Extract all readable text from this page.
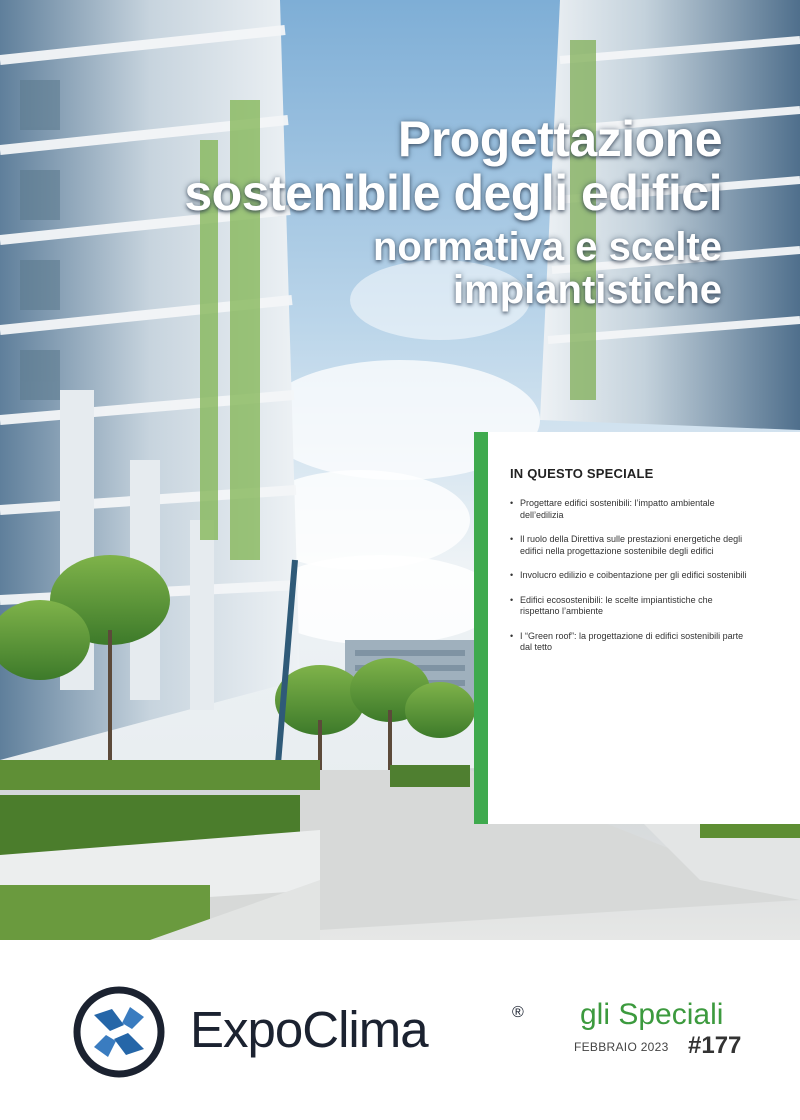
Progettazione
sostenibile degli edifici
normativa e scelte
impiantistiche
IN QUESTO SPECIALE
• Progettare edifici sostenibili: l’impatto ambientale dell’edilizia
• Il ruolo della Direttiva sulle prestazioni energetiche degli edifici nella progettazione sostenibile degli edifici
• Involucro edilizio e coibentazione per gli edifici sostenibili
• Edifici ecosostenibili: le scelte impiantistiche che rispettano l’ambiente
• I “Green roof”: la progettazione di edifici sostenibili parte dal tetto
ExpoClima	® gli Speciali
FEBBRAIO 2023 #177
